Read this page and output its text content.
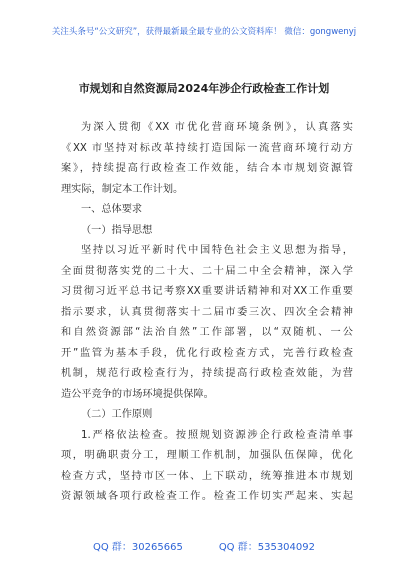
关注头条号“公文研究”，获得最新最全最专业的公文资料库！ 微信：gongwenyj
市规划和自然资源局2024年涉企行政检查工作计划
为深入贯彻《XX 市优化营商环境条例》，认真落实
《XX 市坚持对标改革持续打造国际一流营商环境行动方
案》，持续提高行政检查工作效能，结合本市规划资源管
理实际，制定本工作计划。
一、总体要求
（一）指导思想
坚持以习近平新时代中国特色社会主义思想为指导，
全面贯彻落实党的二十大、二十届二中全会精神，深入学
习贯彻习近平总书记考察XX重要讲话精神和对XX工作重要
指示要求，认真贯彻落实十二届市委三次、四次全会精神
和自然资源部“法治自然”工作部署，以“双随机、一公
开”监管为基本手段，优化行政检查方式，完善行政检查
机制，规范行政检查行为，持续提高行政检查效能，为营
造公平竞争的市场环境提供保障。
（二）工作原则
1.严格依法检查。按照规划资源涉企行政检查清单事
项，明确职责分工，理顺工作机制，加强队伍保障，优化
检查方式，坚持市区一体、上下联动，统筹推进本市规划
资源领域各项行政检查工作。检查工作切实严起来、实起
QQ 群：30265665	QQ 群：535304092
